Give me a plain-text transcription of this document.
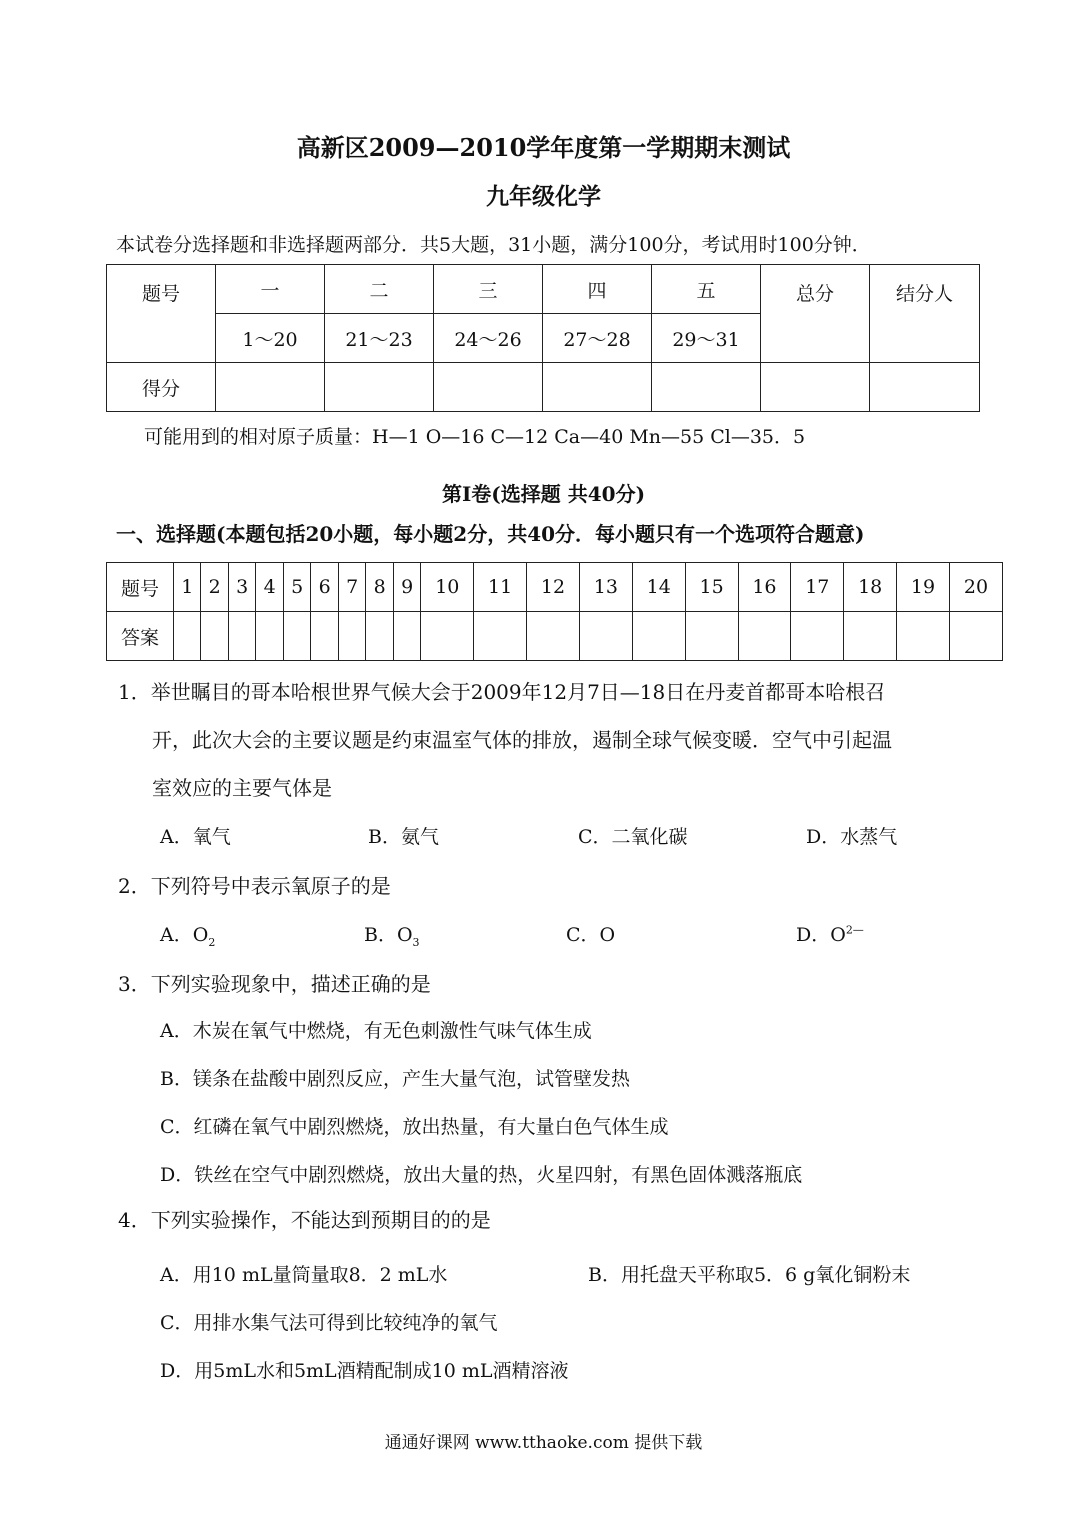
高新区2009—2010学年度第一学期期末测试
九年级化学
本试卷分选择题和非选择题两部分．共5大题，31小题，满分100分，考试用时100分钟．
题号	一	二	三	四	五	总分	结分人
	1～20	21～23	24～26	27～28	29～31		
得分							
可能用到的相对原子质量：H—1 O—16 C—12 Ca—40 Mn—55 Cl—35．5
第Ⅰ卷(选择题 共40分)
一、选择题(本题包括20小题，每小题2分，共40分．每小题只有一个选项符合题意)
题号	1	2	3	4	5	6	7	8	9	10	11	12	13	14	15	16	17	18	19	20
答案																				
1．举世瞩目的哥本哈根世界气候大会于2009年12月7日—18日在丹麦首都哥本哈根召
开，此次大会的主要议题是约束温室气体的排放，遏制全球气候变暖．空气中引起温
室效应的主要气体是
A．氧气	B．氨气	C．二氧化碳	D．水蒸气
2．下列符号中表示氧原子的是
A．$O_2$	B．$O_3$	C．O	D．$O^{2—}$
3．下列实验现象中，描述正确的是
A．木炭在氧气中燃烧，有无色刺激性气味气体生成
B．镁条在盐酸中剧烈反应，产生大量气泡，试管壁发热
C．红磷在氧气中剧烈燃烧，放出热量，有大量白色气体生成
D．铁丝在空气中剧烈燃烧，放出大量的热，火星四射，有黑色固体溅落瓶底
4．下列实验操作，不能达到预期目的的是
A．用10 mL量筒量取8．2 mL水	B．用托盘天平称取5．6 g氧化铜粉末
C．用排水集气法可得到比较纯净的氧气
D．用5mL水和5mL酒精配制成10 mL酒精溶液
通通好课网 www.tthaoke.com 提供下载
